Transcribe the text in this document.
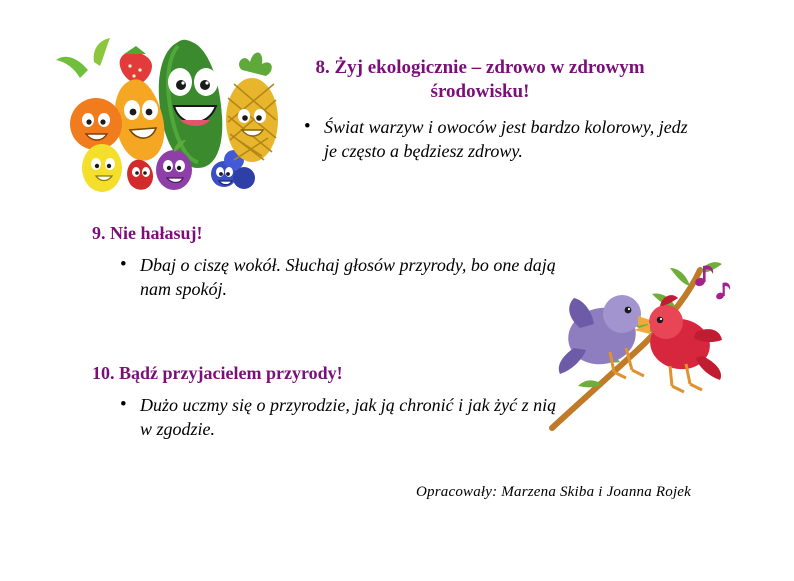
8. Żyj ekologicznie – zdrowo w zdrowym środowisku!
• Świat warzyw i owoców jest bardzo kolorowy, jedz je często a będziesz zdrowy.
9. Nie hałasuj!
• Dbaj o ciszę wokół. Słuchaj głosów przyrody, bo one dają nam spokój.
10. Bądź przyjacielem przyrody!
• Dużo uczmy się o przyrodzie, jak ją chronić i jak żyć z nią w zgodzie.
Opracowały: Marzena Skiba i Joanna Rojek
